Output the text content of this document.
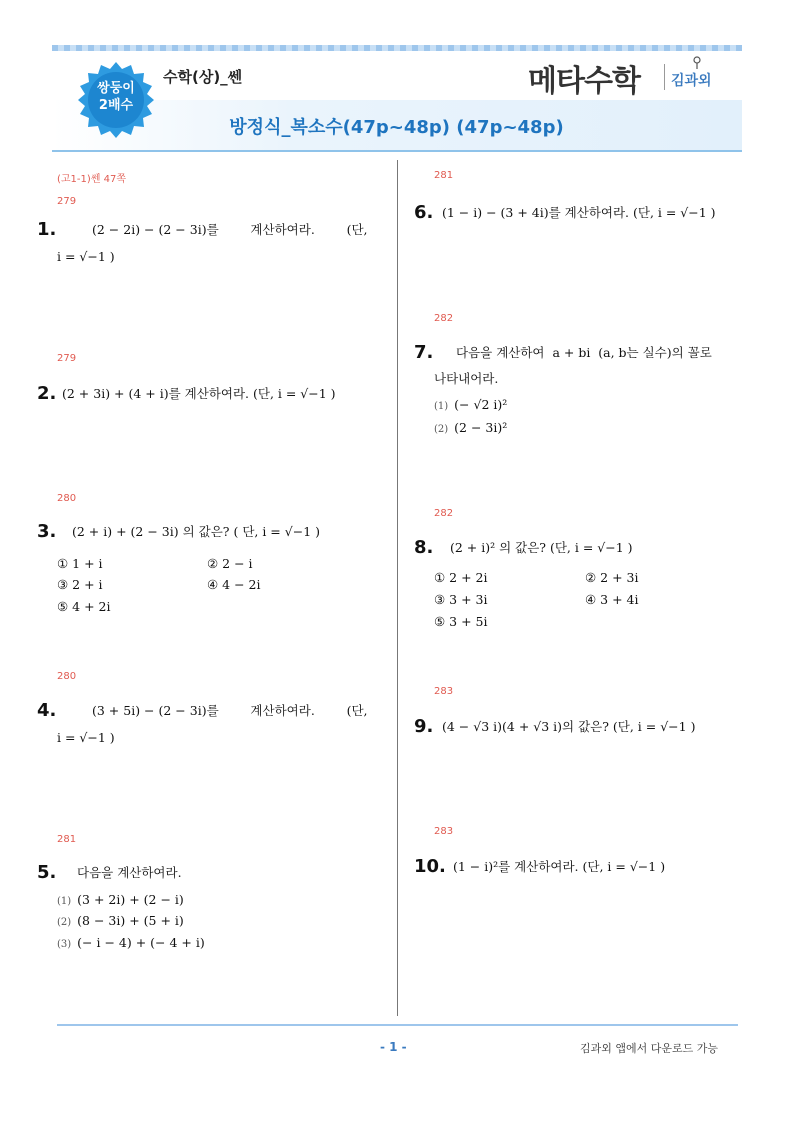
쌍둥이
2배수
수학(상)_쎈	메타수학 김과외
방정식_복소수(47p~48p) (47p~48p)
(고1-1)쎈 47쪽
279
1.	(2 − 2i) − (2 − 3i)를        계산하여라.        (단,
i = √−1 )
279
2. (2 + 3i) + (4 + i)를 계산하여라. (단, i = √−1 )
280
3. (2 + i) + (2 − 3i) 의 값은? ( 단, i = √−1 )
① 1 + i	② 2 − i
③ 2 + i	④ 4 − 2i
⑤ 4 + 2i
280
4.	(3 + 5i) − (2 − 3i)를        계산하여라.        (단,
i = √−1 )
281
5. 다음을 계산하여라.
(1) (3 + 2i) + (2 − i)
(2) (8 − 3i) + (5 + i)
(3) (− i − 4) + (− 4 + i)
281
6. (1 − i) − (3 + 4i)를 계산하여라. (단, i = √−1 )
282
7. 다음을 계산하여  a + bi  (a, b는 실수)의 꼴로
나타내어라.
(1) (− √2 i)²
(2) (2 − 3i)²
282
8. (2 + i)² 의 값은? (단, i = √−1 )
① 2 + 2i	② 2 + 3i
③ 3 + 3i	④ 3 + 4i
⑤ 3 + 5i
283
9. (4 − √3 i)(4 + √3 i)의 값은? (단, i = √−1 )
283
10. (1 − i)²를 계산하여라. (단, i = √−1 )
- 1 -	김과외 앱에서 다운로드 가능
